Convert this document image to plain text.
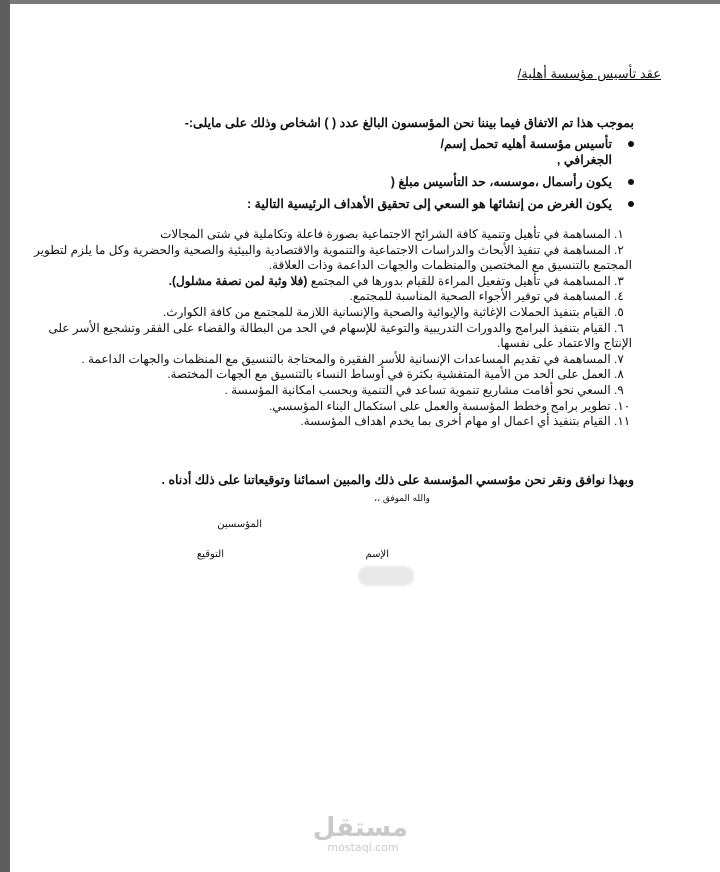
عقد تأسيس مؤسسة أهلية/
بموجب هذا تم الاتفاق فيما بيننا نحن المؤسسون البالغ عدد ( ) اشخاص وذلك على مايلى:-
تأسيس مؤسسة أهليه تحمل إسم/
الجغرافي ,
يكون رأسمال ،موسسه، حد التأسيس مبلغ (
يكون الغرض من إنشائها هو السعي إلى تحقيق الأهداف الرئيسية التالية :
١. المساهمة في تأهيل وتنمية كافة الشرائح الاجتماعية بصورة فاعلة وتكاملية في شتى المجالات
٢. المساهمة في تنفيذ الأبحاث والدراسات الاجتماعية والتنموية والاقتصادية والبيئية والصحية والحضرية وكل ما يلزم لتطوير المجتمع بالتنسيق مع المختصين والمنظمات والجهات الداعمة وذات العلاقة.
٣. المساهمة في تأهيل وتفعيل المراءة للقيام بدورها في المجتمع (فلا وثبة لمن نصفة مشلول).
٤. المساهمة في توفير الأجواء الصحية المناسبة للمجتمع.
٥. القيام بتنفيذ الحملات الإغاثية والإيوائية والصحية والإنسانية اللازمة للمجتمع من كافة الكوارث.
٦. القيام بتنفيذ البرامج والدورات التدريبية والتوعية للإسهام في الحد من البطالة والقضاء على الفقر وتشجيع الأسر على الإنتاج والاعتماد على نفسها.
٧. المساهمة في تقديم المساعدات الإنسانية للأسر الفقيرة والمحتاجة بالتنسيق مع المنظمات والجهات الداعمة .
٨. العمل على الحد من الأمية المتفشية بكثرة في أوساط النساء بالتنسيق مع الجهات المختصة.
٩. السعي نحو أقامت مشاريع تنموية تساعد في التنمية وبحسب امكانية المؤسسة .
١٠. تطوير برامج وخطط المؤسسة والعمل على استكمال البناء المؤسسي.
١١. القيام بتنفيذ أي اعمال او مهام أخرى بما يخدم اهداف المؤسسة.
وبهذا نوافق ونقر نحن مؤسسي المؤسسة على ذلك والمبين اسمائنا وتوقيعاتنا على ذلك أدناه .
والله الموفق ،،
المؤسسين
التوقيع	الإسم
مستقل
mostaql.com
